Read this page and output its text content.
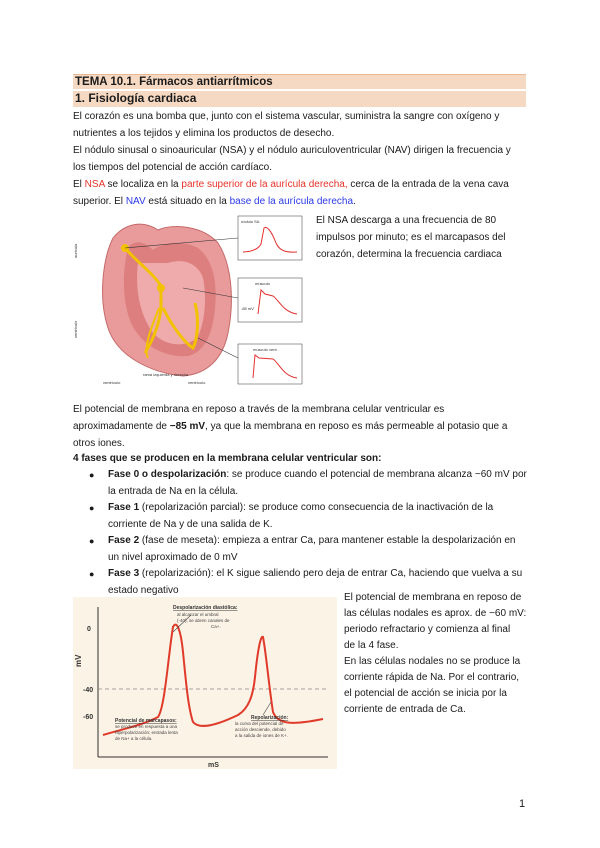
TEMA 10.1. Fármacos antiarrítmicos
1. Fisiología cardiaca
El corazón es una bomba que, junto con el sistema vascular, suministra la sangre con oxígeno y
nutrientes a los tejidos y elimina los productos de desecho.
El nódulo sinusal o sinoauricular (NSA) y el nódulo auriculoventricular (NAV) dirigen la frecuencia y
los tiempos del potencial de acción cardíaco.
El NSA se localiza en la parte superior de la aurícula derecha, cerca de la entrada de la vena cava
superior. El NAV está situado en la base de la aurícula derecha.
aurícula
ventrículo
ventrículo
rama izquierda y derecha
ventrículo
nódulo SA
músculo
-85 mV
músculo vent.
El NSA descarga a una frecuencia de 80
impulsos por minuto; es el marcapasos del
corazón, determina la frecuencia cardiaca
El potencial de membrana en reposo a través de la membrana celular ventricular es
aproximadamente de −85 mV, ya que la membrana en reposo es más permeable al potasio que a
otros iones.
4 fases que se producen en la membrana celular ventricular son:
● Fase 0 o despolarización: se produce cuando el potencial de membrana alcanza −60 mV por
la entrada de Na en la célula.
● Fase 1 (repolarización parcial): se produce como consecuencia de la inactivación de la
corriente de Na y de una salida de K.
● Fase 2 (fase de meseta): empieza a entrar Ca, para mantener estable la despolarización en
un nivel aproximado de 0 mV
● Fase 3 (repolarización): el K sigue saliendo pero deja de entrar Ca, haciendo que vuelva a su
estado negativo
mV
mS
0
-40
-60
Despolarización diastólica:
al alcanzar el umbral
(-40), se abren canales de
Ca+.
Potencial de marcapasos:
se produce en respuesta a una
hiperpolarización; entrada lenta
de Na+ a la célula.
Repolarización:
la curva del potencial de
acción desciende, debido
a la salida de iones de K+.
El potencial de membrana en reposo de
las células nodales es aprox. de −60 mV:
periodo refractario y comienza al final
de la 4 fase.
En las células nodales no se produce la
corriente rápida de Na. Por el contrario,
el potencial de acción se inicia por la
corriente de entrada de Ca.
1
